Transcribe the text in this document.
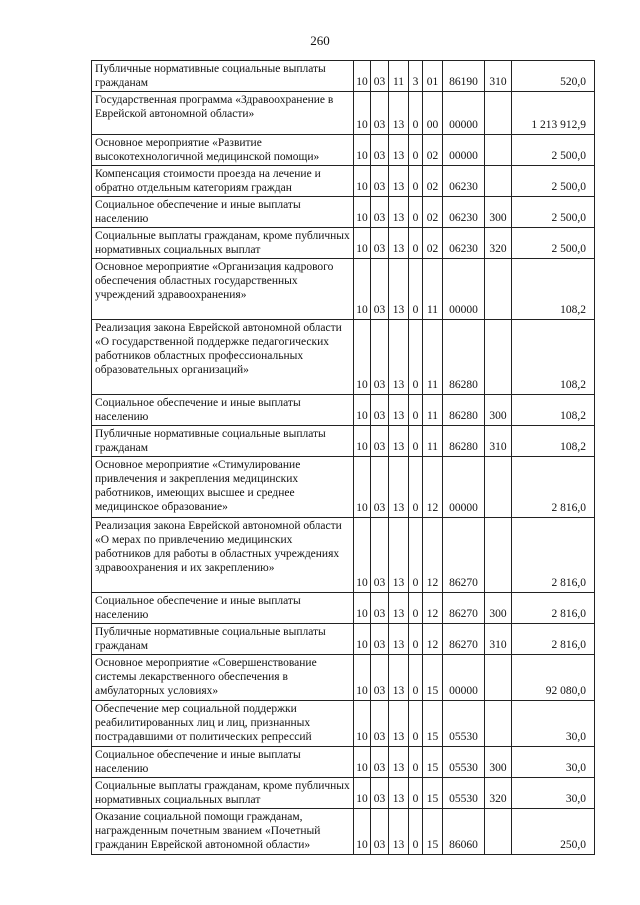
260
Публичные нормативные социальные выплаты гражданам	10	03	11	3	01	86190	310	520,0
Государственная программа «Здравоохранение в Еврейской автономной области»	10	03	13	0	00	00000		1 213 912,9
Основное мероприятие «Развитие высокотехнологичной медицинской помощи»	10	03	13	0	02	00000		2 500,0
Компенсация стоимости проезда на лечение и обратно отдельным категориям граждан	10	03	13	0	02	06230		2 500,0
Социальное обеспечение и иные выплаты населению	10	03	13	0	02	06230	300	2 500,0
Социальные выплаты гражданам, кроме публичных нормативных социальных выплат	10	03	13	0	02	06230	320	2 500,0
Основное мероприятие «Организация кадрового обеспечения областных государственных учреждений здравоохранения»	10	03	13	0	11	00000		108,2
Реализация закона Еврейской автономной области «О государственной поддержке педагогических работников областных профессиональных образовательных организаций»	10	03	13	0	11	86280		108,2
Социальное обеспечение и иные выплаты населению	10	03	13	0	11	86280	300	108,2
Публичные нормативные социальные выплаты гражданам	10	03	13	0	11	86280	310	108,2
Основное мероприятие «Стимулирование привлечения и закрепления медицинских работников, имеющих высшее и среднее медицинское образование»	10	03	13	0	12	00000		2 816,0
Реализация закона Еврейской автономной области «О мерах по привлечению медицинских работников для работы в областных учреждениях здравоохранения и их закреплению»	10	03	13	0	12	86270		2 816,0
Социальное обеспечение и иные выплаты населению	10	03	13	0	12	86270	300	2 816,0
Публичные нормативные социальные выплаты гражданам	10	03	13	0	12	86270	310	2 816,0
Основное мероприятие «Совершенствование системы лекарственного обеспечения в амбулаторных условиях»	10	03	13	0	15	00000		92 080,0
Обеспечение мер социальной поддержки реабилитированных лиц и лиц, признанных пострадавшими от политических репрессий	10	03	13	0	15	05530		30,0
Социальное обеспечение и иные выплаты населению	10	03	13	0	15	05530	300	30,0
Социальные выплаты гражданам, кроме публичных нормативных социальных выплат	10	03	13	0	15	05530	320	30,0
Оказание социальной помощи гражданам, награжденным почетным званием «Почетный гражданин Еврейской автономной области»	10	03	13	0	15	86060		250,0
